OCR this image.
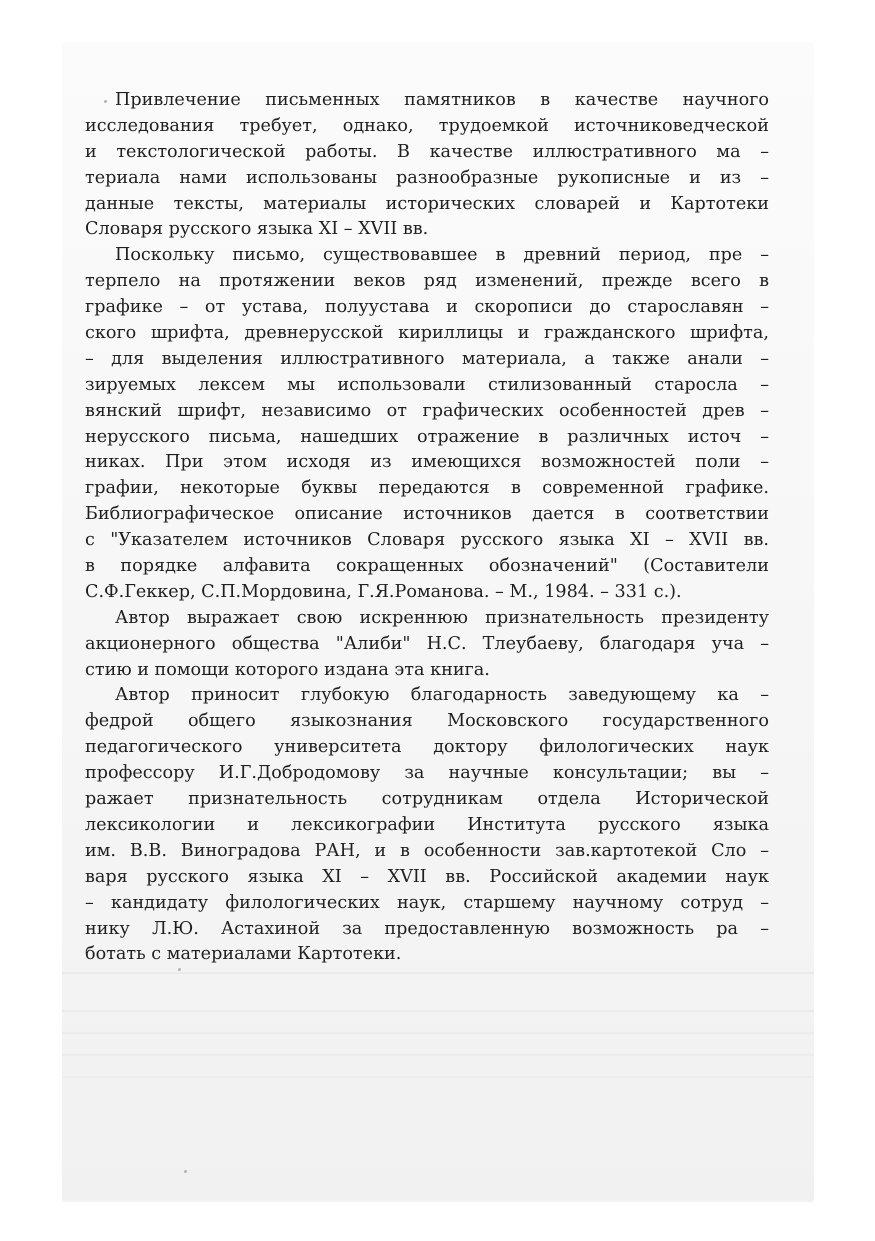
Привлечение письменных памятников в качестве научного
исследования требует, однако, трудоемкой источниковедческой
и текстологической работы. В качестве иллюстративного ма –
териала нами использованы разнообразные рукописные и из –
данные тексты, материалы исторических словарей и Картотеки
Словаря русского языка XI – XVII вв.
Поскольку письмо, существовавшее в древний период, пре –
терпело на протяжении веков ряд изменений, прежде всего в
графике – от устава, полуустава и скорописи до старославян –
ского шрифта, древнерусской кириллицы и гражданского шрифта,
– для выделения иллюстративного материала, а также анали –
зируемых лексем мы использовали стилизованный старосла –
вянский шрифт, независимо от графических особенностей древ –
нерусского письма, нашедших отражение в различных источ –
никах. При этом исходя из имеющихся возможностей поли –
графии, некоторые буквы передаются в современной графике.
Библиографическое описание источников дается в соответствии
с "Указателем источников Словаря русского языка XI – XVII вв.
в порядке алфавита сокращенных обозначений" (Составители
С.Ф.Геккер, С.П.Мордовина, Г.Я.Романова. – М., 1984. – 331 с.).
Автор выражает свою искреннюю признательность президенту
акционерного общества "Алиби" Н.С. Тлеубаеву, благодаря уча –
стию и помощи которого издана эта книга.
Автор приносит глубокую благодарность заведующему ка –
федрой общего языкознания Московского государственного
педагогического университета доктору филологических наук
профессору И.Г.Добродомову за научные консультации; вы –
ражает признательность сотрудникам отдела Исторической
лексикологии и лексикографии Института русского языка
им. В.В. Виноградова РАН, и в особенности зав.картотекой Сло –
варя русского языка XI – XVII вв. Российской академии наук
– кандидату филологических наук, старшему научному сотруд –
нику Л.Ю. Астахиной за предоставленную возможность ра –
ботать с материалами Картотеки.
